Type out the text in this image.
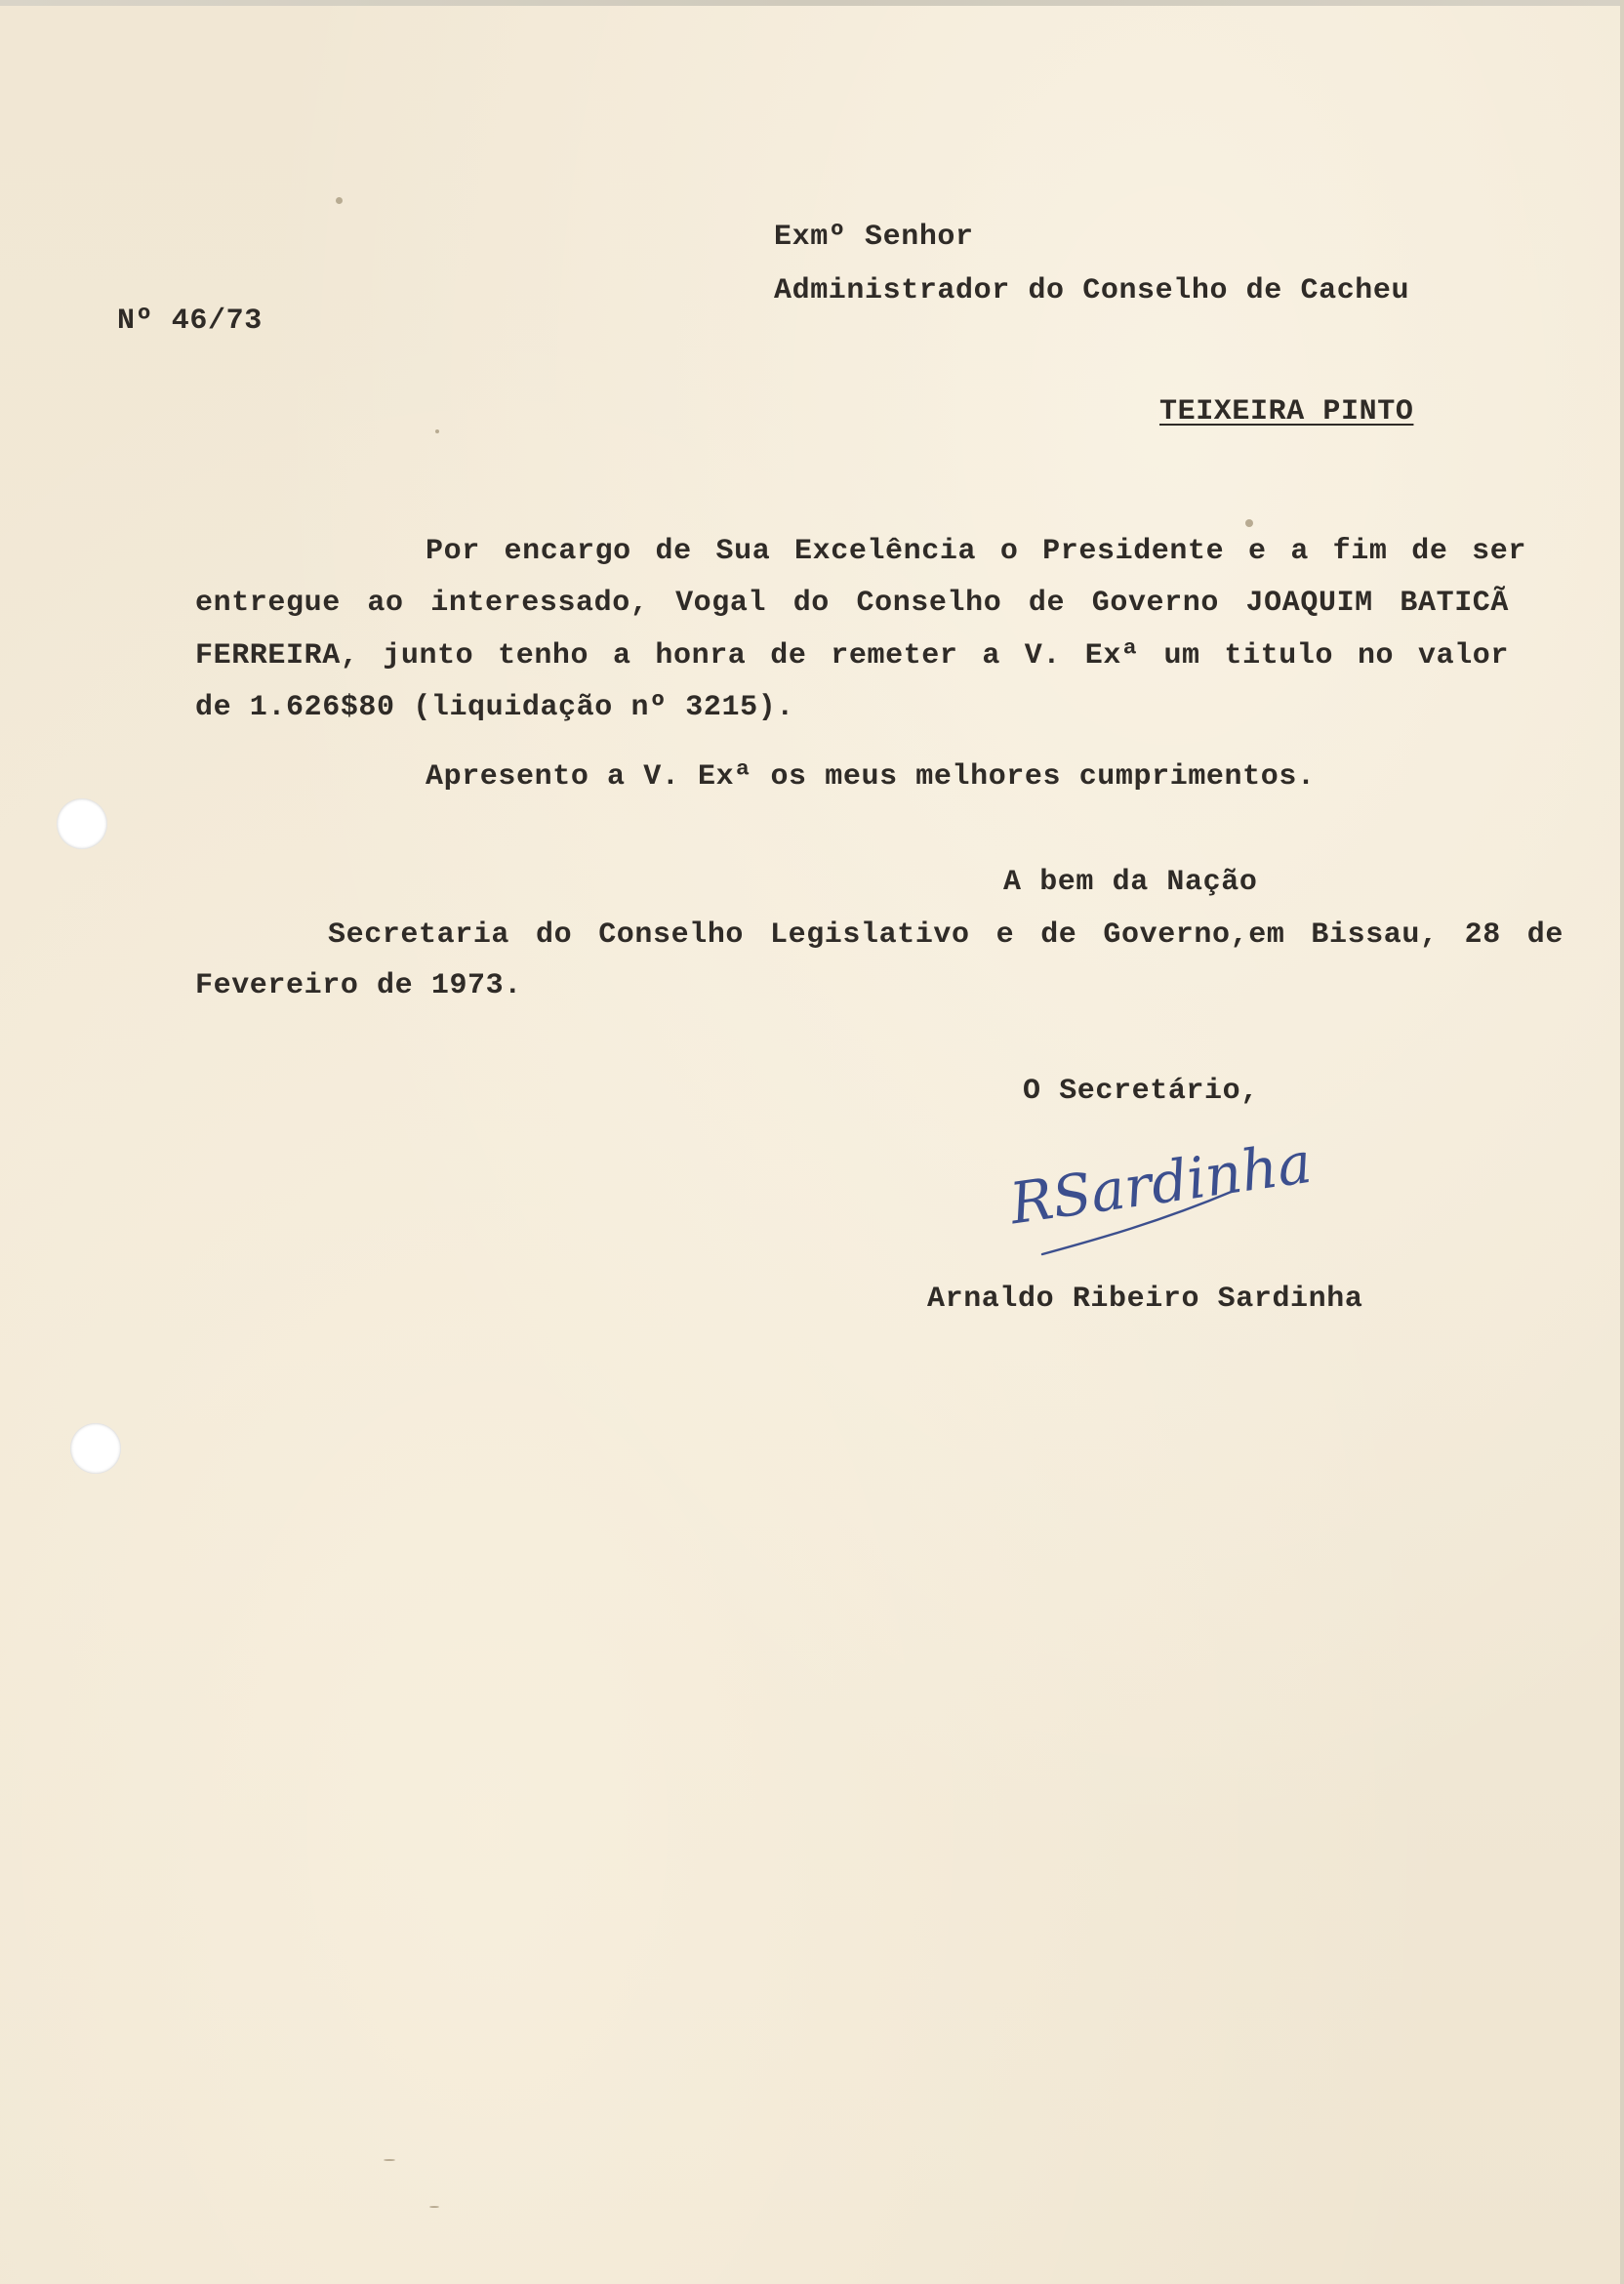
Nº 46/73
Exmº Senhor
Administrador do Conselho de Cacheu
TEIXEIRA PINTO
Por encargo de Sua Excelência o Presidente e a fim de ser
entregue ao interessado, Vogal do Conselho de Governo JOAQUIM BATICÃ
FERREIRA, junto tenho a honra de remeter a V. Exª um titulo no valor
de 1.626$80 (liquidação nº 3215).
Apresento a V. Exª os meus melhores cumprimentos.
A bem da Nação
Secretaria do Conselho Legislativo e de Governo,em Bissau, 28 de
Fevereiro de 1973.
O Secretário,
RSardinha
Arnaldo Ribeiro Sardinha
